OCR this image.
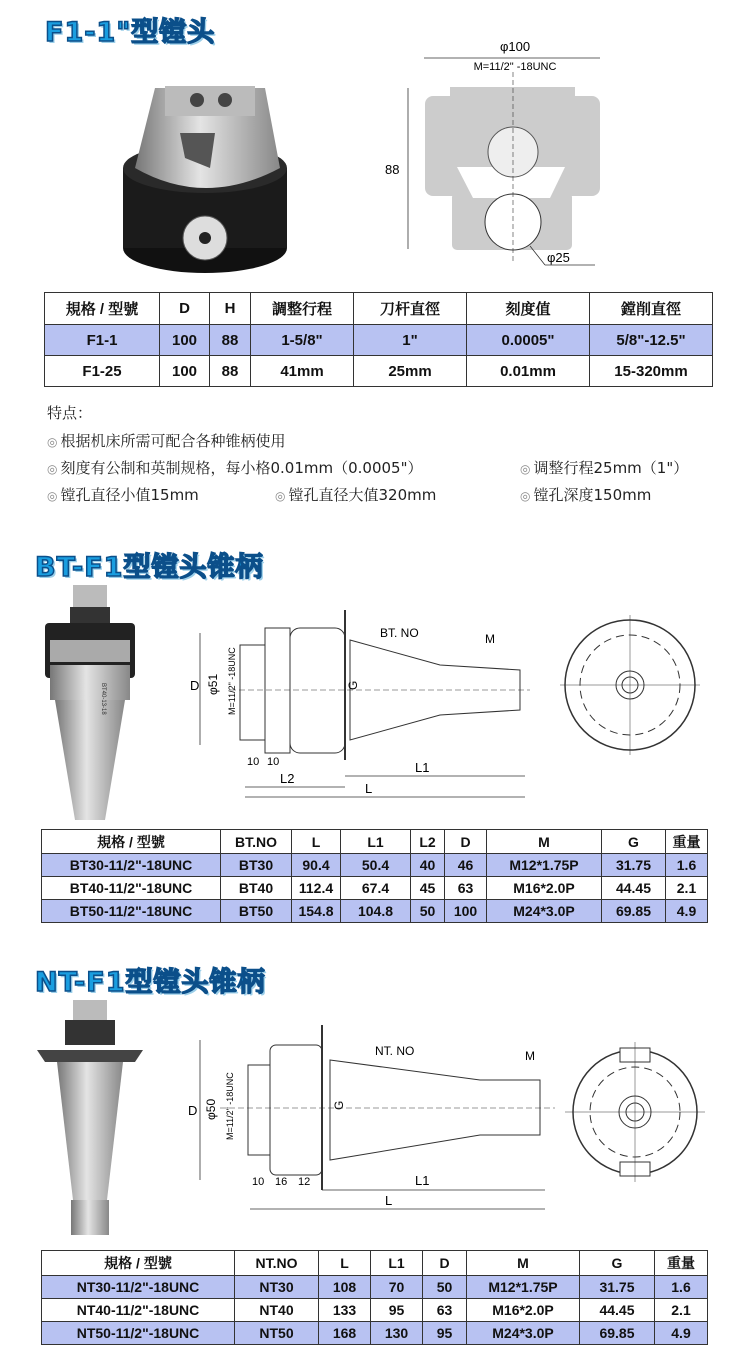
F1-1"型镗头	φ100
M=11/2" -18UNC
88
φ25
規格 / 型號	D	H	調整行程	刀杆直徑	刻度值	鏜削直徑
F1-1	100	88	1-5/8"	1"	0.0005"	5/8"-12.5"
F1-25	100	88	41mm	25mm	0.01mm	15-320mm
特点：
◎ 根据机床所需可配合各种锥柄使用
◎ 刻度有公制和英制规格，每小格0.01mm（0.0005"）	◎ 调整行程25mm（1"）
◎ 镗孔直径小值15mm	◎ 镗孔直径大值320mm	◎ 镗孔深度150mm
BT-F1型镗头锥柄
BT40-13-18	D φ51 M=11/2" -18UNC	G
BT. NO	M
10 10
L2
L1
L
規格 / 型號	BT.NO	L	L1	L2	D	M	G	重量
BT30-11/2"-18UNC	BT30	90.4	50.4	40	46	M12*1.75P	31.75	1.6
BT40-11/2"-18UNC	BT40	112.4	67.4	45	63	M16*2.0P	44.45	2.1
BT50-11/2"-18UNC	BT50	154.8	104.8	50	100	M24*3.0P	69.85	4.9
NT-F1型镗头锥柄
D φ50 M=11/2" -18UNC	G
NT. NO	M
10 16 12	L1
L
規格 / 型號	NT.NO	L	L1	D	M	G	重量
NT30-11/2"-18UNC	NT30	108	70	50	M12*1.75P	31.75	1.6
NT40-11/2"-18UNC	NT40	133	95	63	M16*2.0P	44.45	2.1
NT50-11/2"-18UNC	NT50	168	130	95	M24*3.0P	69.85	4.9
